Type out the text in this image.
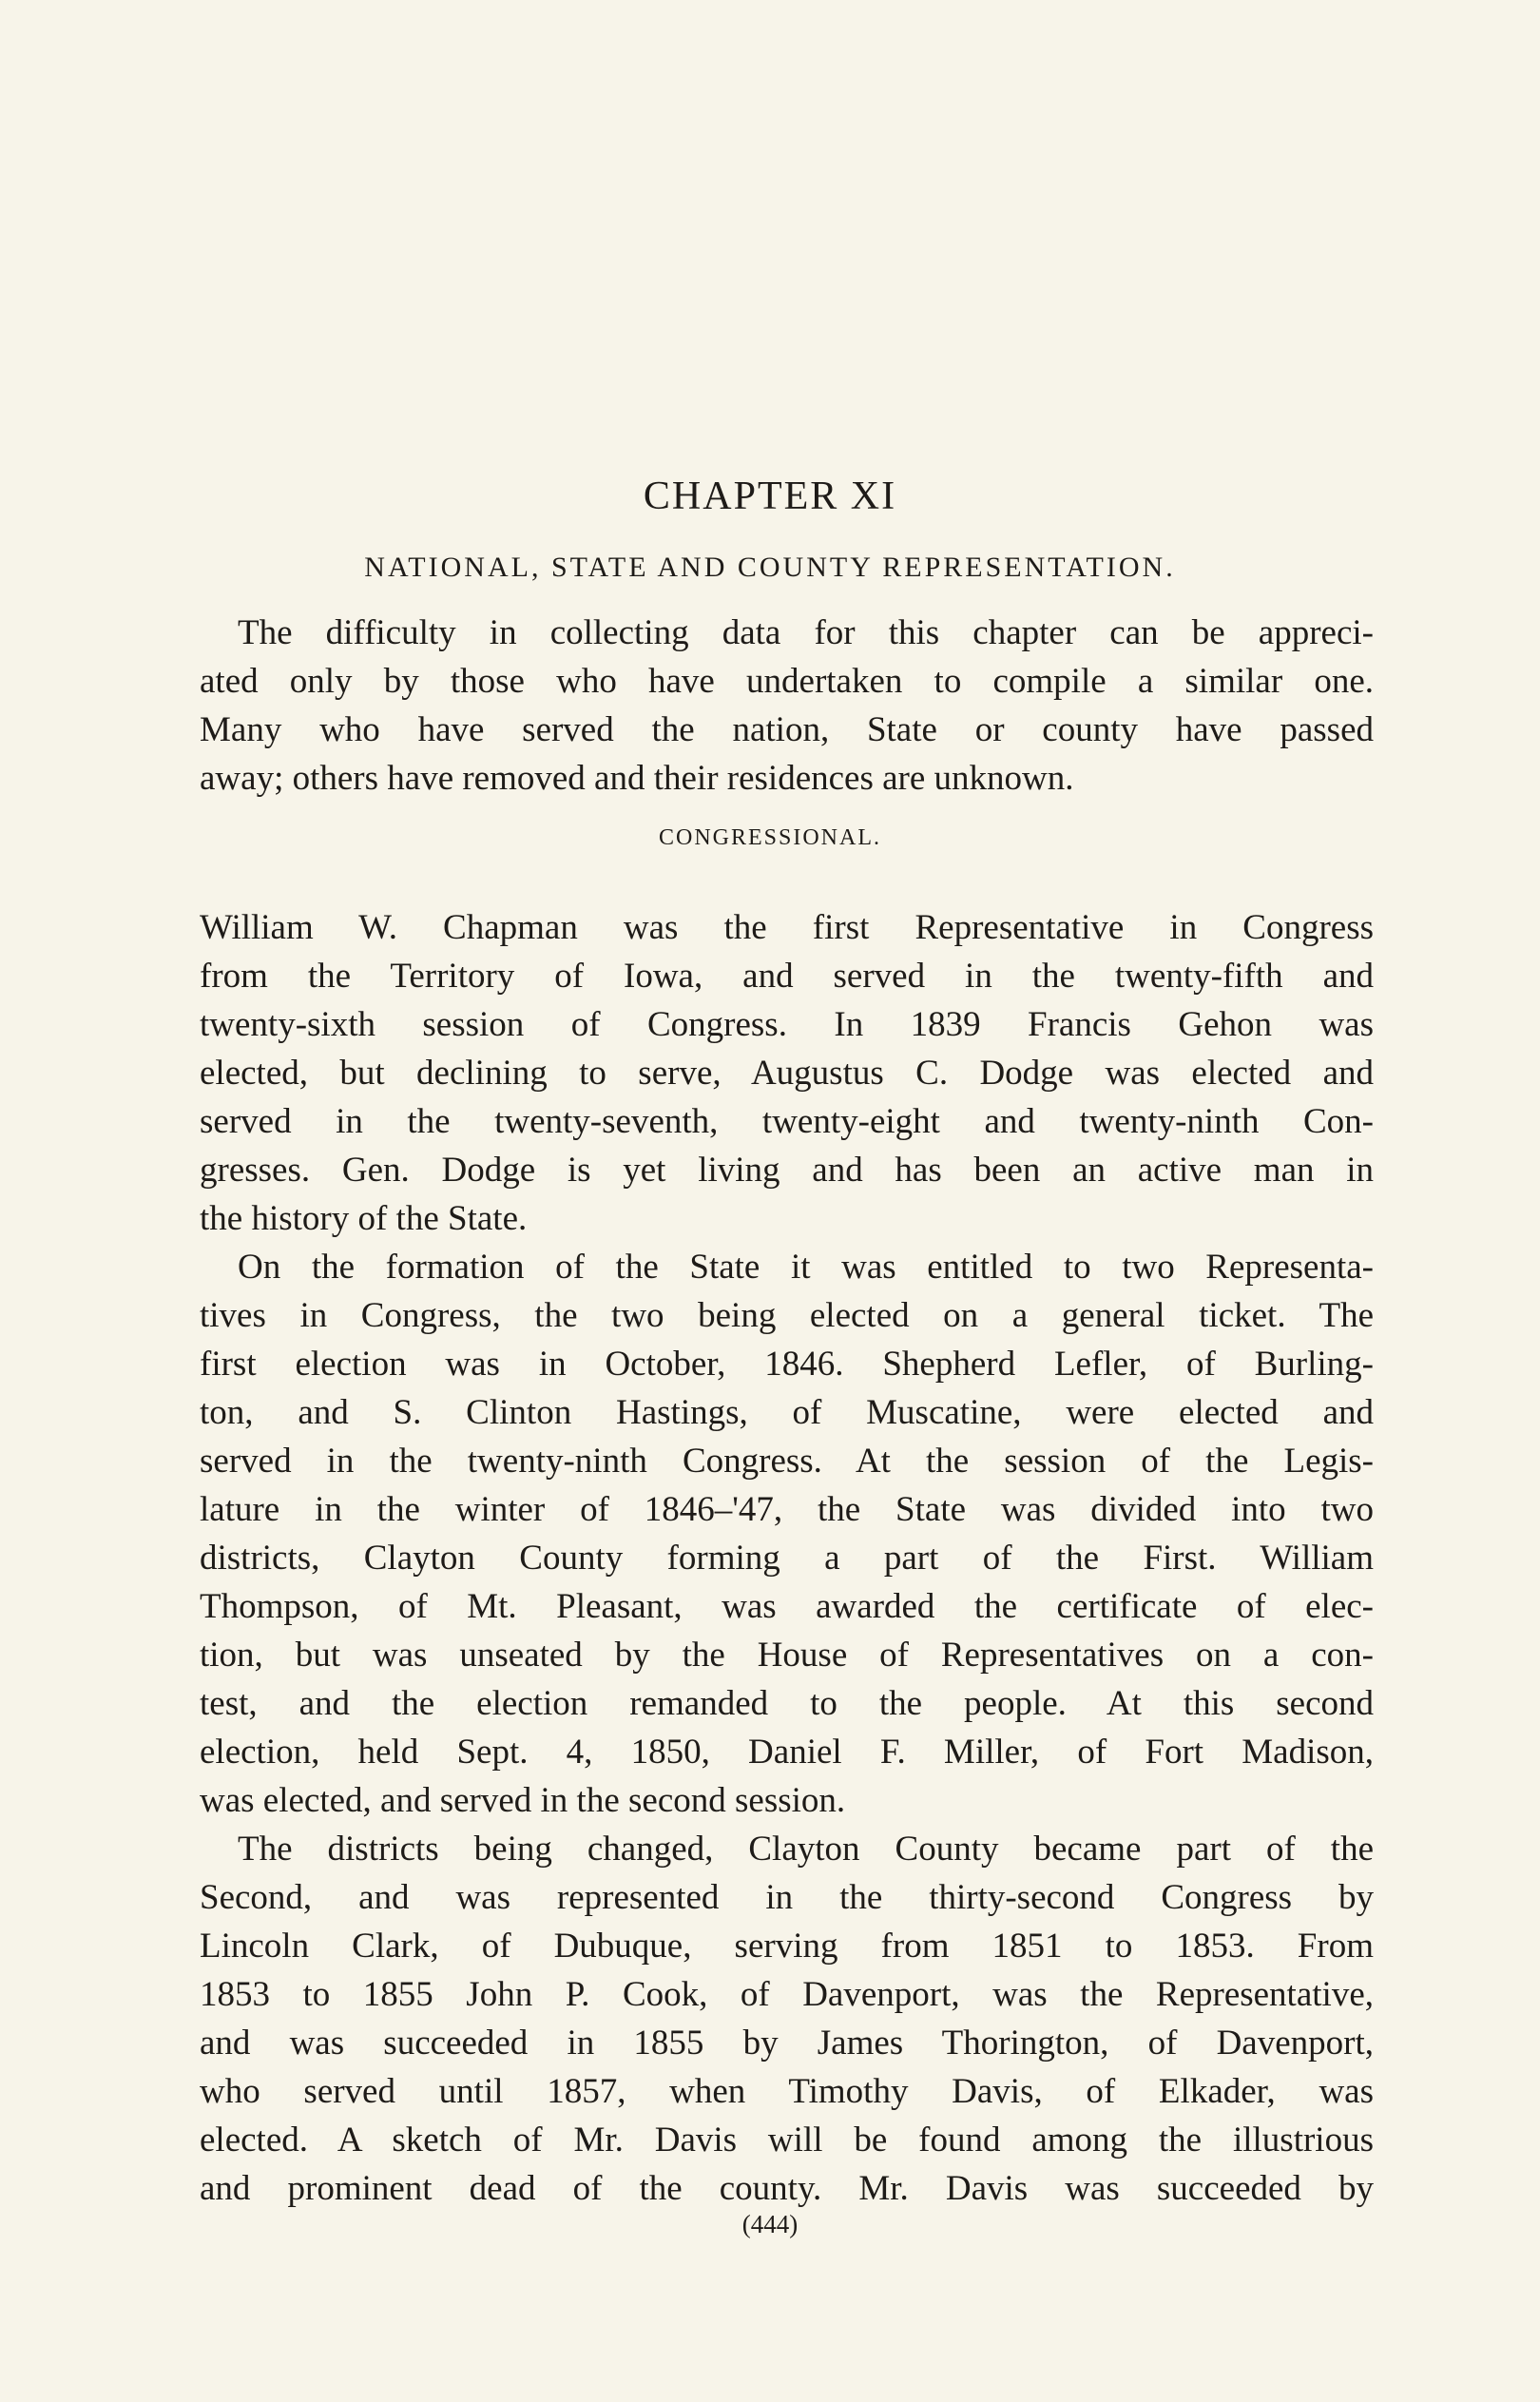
CHAPTER XI
NATIONAL, STATE AND COUNTY REPRESENTATION.
The difficulty in collecting data for this chapter can be appreci-
ated only by those who have undertaken to compile a similar one.
Many who have served the nation, State or county have passed
away; others have removed and their residences are unknown.
CONGRESSIONAL.
William W. Chapman was the first Representative in Congress
from the Territory of Iowa, and served in the twenty-fifth and
twenty-sixth session of Congress. In 1839 Francis Gehon was
elected, but declining to serve, Augustus C. Dodge was elected and
served in the twenty-seventh, twenty-eight and twenty-ninth Con-
gresses. Gen. Dodge is yet living and has been an active man in
the history of the State.
On the formation of the State it was entitled to two Representa-
tives in Congress, the two being elected on a general ticket. The
first election was in October, 1846. Shepherd Lefler, of Burling-
ton, and S. Clinton Hastings, of Muscatine, were elected and
served in the twenty-ninth Congress. At the session of the Legis-
lature in the winter of 1846–'47, the State was divided into two
districts, Clayton County forming a part of the First. William
Thompson, of Mt. Pleasant, was awarded the certificate of elec-
tion, but was unseated by the House of Representatives on a con-
test, and the election remanded to the people. At this second
election, held Sept. 4, 1850, Daniel F. Miller, of Fort Madison,
was elected, and served in the second session.
The districts being changed, Clayton County became part of the
Second, and was represented in the thirty-second Congress by
Lincoln Clark, of Dubuque, serving from 1851 to 1853. From
1853 to 1855 John P. Cook, of Davenport, was the Representative,
and was succeeded in 1855 by James Thorington, of Davenport,
who served until 1857, when Timothy Davis, of Elkader, was
elected. A sketch of Mr. Davis will be found among the illustrious
and prominent dead of the county. Mr. Davis was succeeded by

(444)
